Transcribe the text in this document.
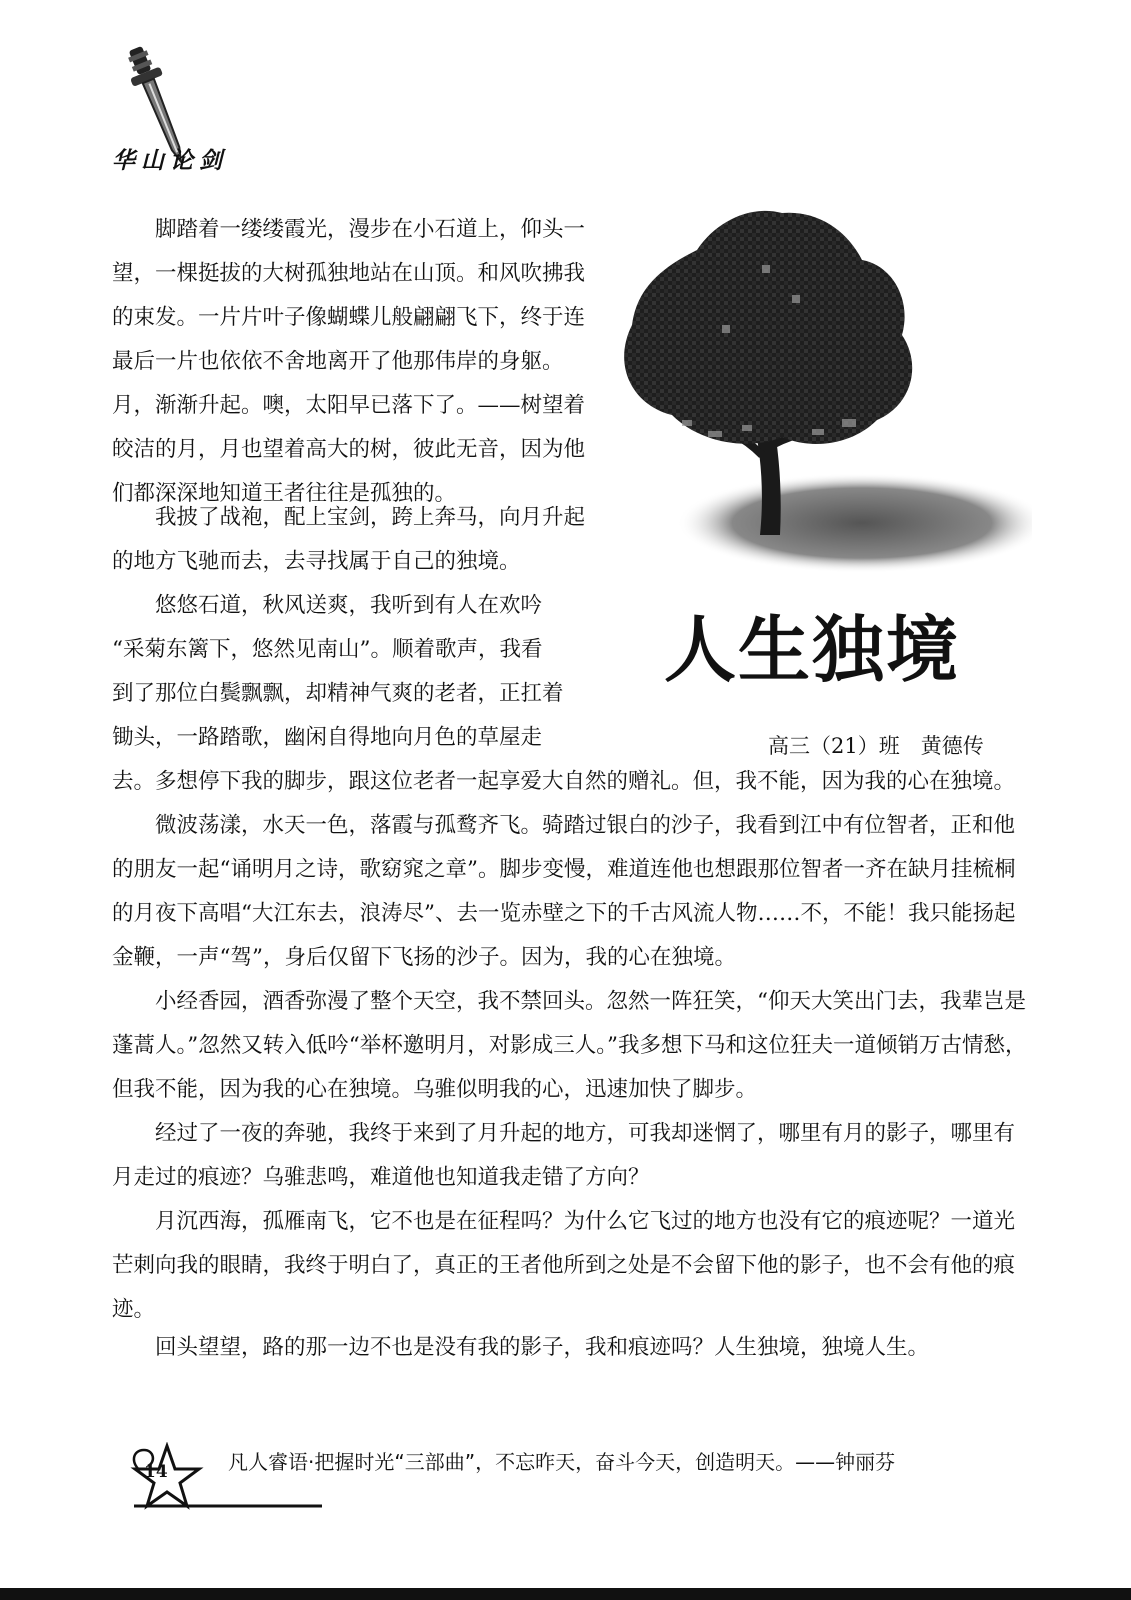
华山论剑
人生独境
高三（21）班　黄德传

脚踏着一缕缕霞光，漫步在小石道上，仰头一望，一棵挺拔的大树孤独地站在山顶。和风吹拂我的束发。一片片叶子像蝴蝶儿般翩翩飞下，终于连最后一片也依依不舍地离开了他那伟岸的身躯。月，渐渐升起。噢，太阳早已落下了。——树望着皎洁的月，月也望着高大的树，彼此无音，因为他们都深深地知道王者往往是孤独的。

我披了战袍，配上宝剑，跨上奔马，向月升起的地方飞驰而去，去寻找属于自己的独境。

悠悠石道，秋风送爽，我听到有人在欢吟
“采菊东篱下，悠然见南山”。顺着歌声，我看
到了那位白鬓飘飘，却精神气爽的老者，正扛着
锄头，一路踏歌，幽闲自得地向月色的草屋走
去。多想停下我的脚步，跟这位老者一起享爱大自然的赠礼。但，我不能，因为我的心在独境。

微波荡漾，水天一色，落霞与孤鹜齐飞。骑踏过银白的沙子，我看到江中有位智者，正和他的朋友一起“诵明月之诗，歌窈窕之章”。脚步变慢，难道连他也想跟那位智者一齐在缺月挂梳桐的月夜下高唱“大江东去，浪涛尽”、去一览赤壁之下的千古风流人物……不，不能！我只能扬起金鞭，一声“驾”，身后仅留下飞扬的沙子。因为，我的心在独境。

小经香园，酒香弥漫了整个天空，我不禁回头。忽然一阵狂笑，“仰天大笑出门去，我辈岂是蓬蒿人。”忽然又转入低吟“举杯邀明月，对影成三人。”我多想下马和这位狂夫一道倾销万古情愁，但我不能，因为我的心在独境。乌骓似明我的心，迅速加快了脚步。

经过了一夜的奔驰，我终于来到了月升起的地方，可我却迷惘了，哪里有月的影子，哪里有月走过的痕迹？乌骓悲鸣，难道他也知道我走错了方向？

月沉西海，孤雁南飞，它不也是在征程吗？为什么它飞过的地方也没有它的痕迹呢？一道光芒刺向我的眼睛，我终于明白了，真正的王者他所到之处是不会留下他的影子，也不会有他的痕迹。

回头望望，路的那一边不也是没有我的影子，我和痕迹吗？人生独境，独境人生。

14	凡人睿语·把握时光“三部曲”，不忘昨天，奋斗今天，创造明天。——钟丽芬
